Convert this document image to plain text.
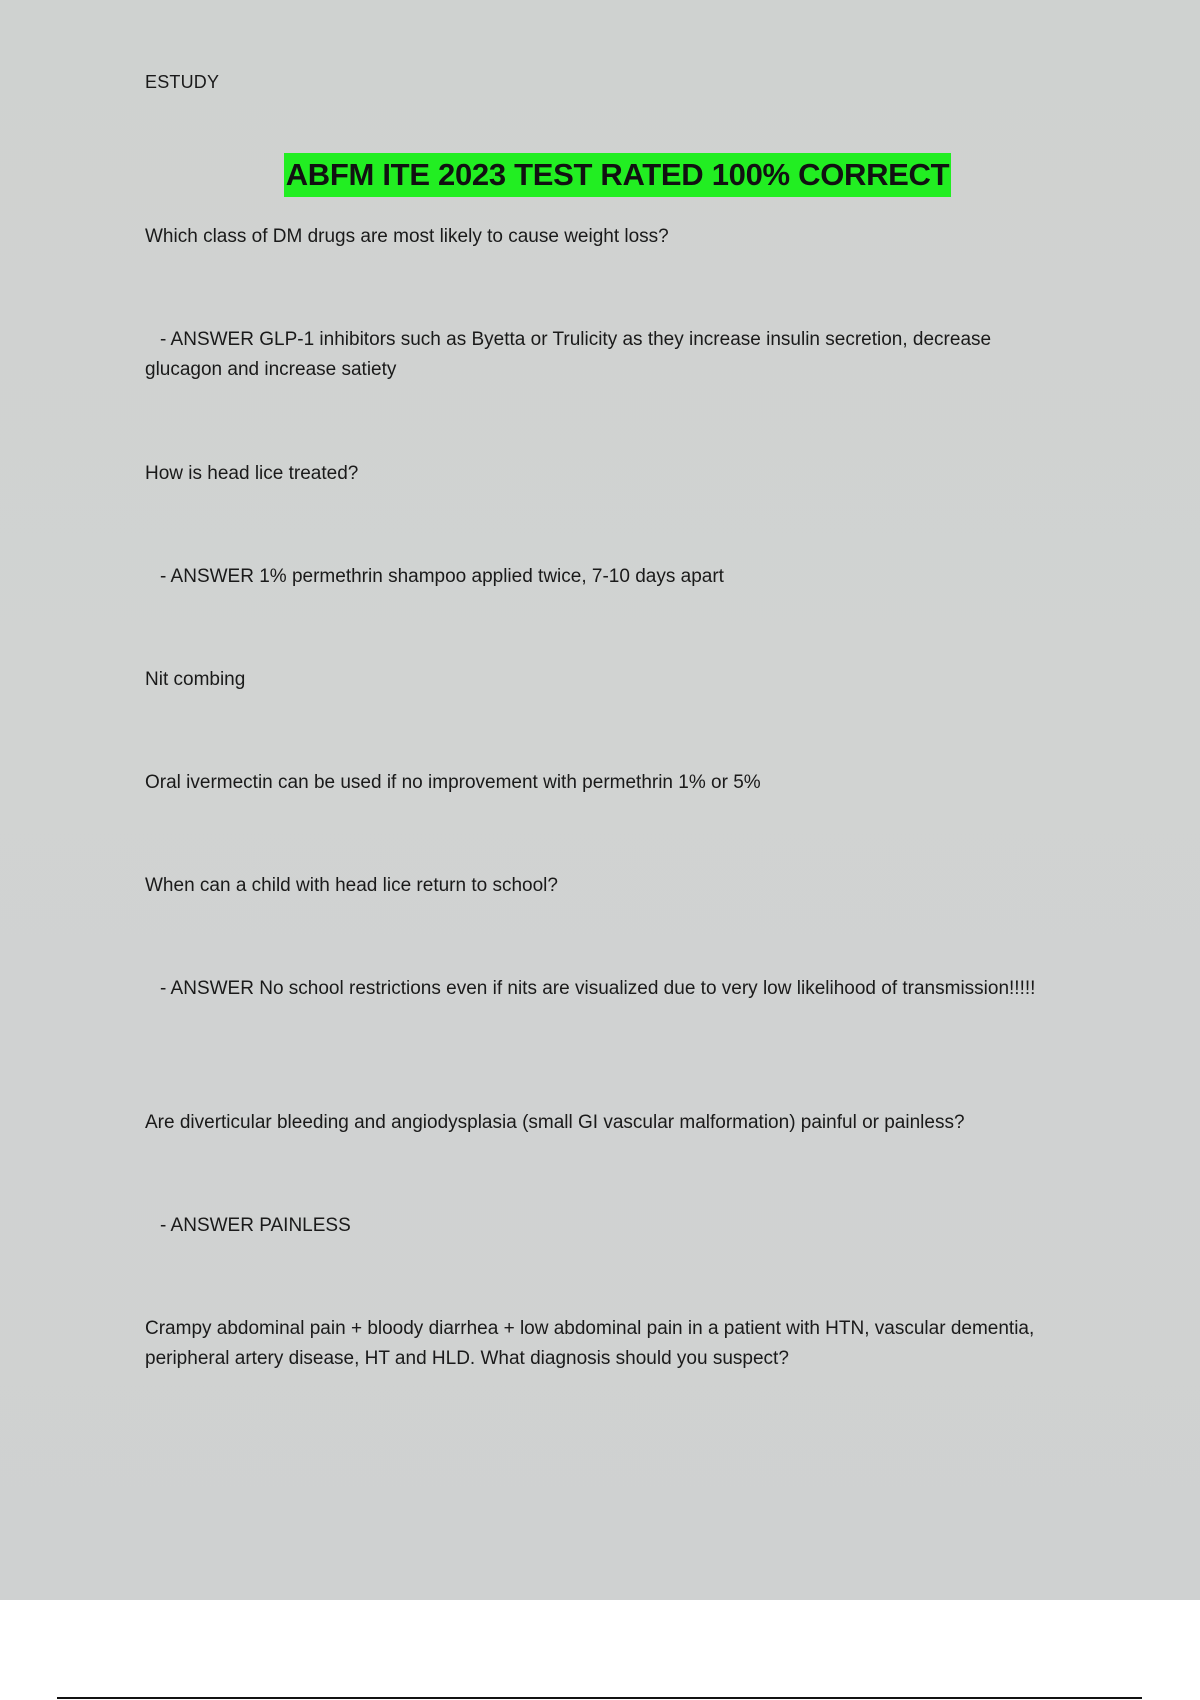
ESTUDY
ABFM ITE 2023 TEST RATED 100% CORRECT
Which class of DM drugs are most likely to cause weight loss?
- ANSWER GLP-1 inhibitors such as Byetta or Trulicity as they increase insulin secretion, decrease glucagon and increase satiety
How is head lice treated?
- ANSWER 1% permethrin shampoo applied twice, 7-10 days apart
Nit combing
Oral ivermectin can be used if no improvement with permethrin 1% or 5%
When can a child with head lice return to school?
- ANSWER No school restrictions even if nits are visualized due to very low likelihood of transmission!!!!!
Are diverticular bleeding and angiodysplasia (small GI vascular malformation) painful or painless?
- ANSWER PAINLESS
Crampy abdominal pain + bloody diarrhea + low abdominal pain in a patient with HTN, vascular dementia, peripheral artery disease, HT and HLD. What diagnosis should you suspect?
